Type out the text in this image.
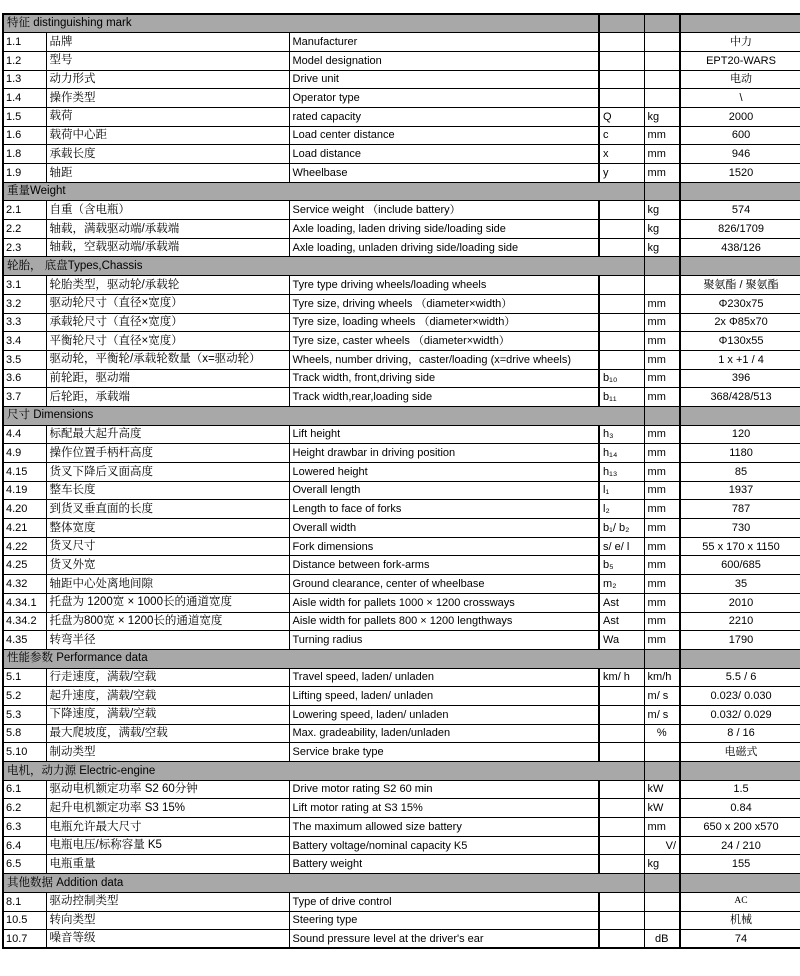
特征 distinguishing mark					
1.1	品牌	Manufacturer			中力
1.2	型号	Model designation			EPT20-WARS
1.3	动力形式	Drive unit			电动
1.4	操作类型	Operator type			\
1.5	载荷	rated capacity	Q	kg	2000
1.6	载荷中心距	Load center distance	c	mm	600
1.8	承载长度	Load distance	x	mm	946
1.9	轴距	Wheelbase	y	mm	1520
重量Weight					
2.1	自重（含电瓶）	Service weight （include battery）		kg	574
2.2	轴载，满载驱动端/承载端	Axle loading, laden driving side/loading side		kg	826/1709
2.3	轴载，空载驱动端/承载端	Axle loading, unladen driving side/loading side		kg	438/126
轮胎， 底盘Types,Chassis					
3.1	轮胎类型，驱动轮/承载轮	Tyre type driving wheels/loading wheels			聚氨酯 / 聚氨酯
3.2	驱动轮尺寸（直径×宽度）	Tyre size, driving wheels （diameter×width）		mm	Φ230x75
3.3	承载轮尺寸（直径×宽度）	Tyre size, loading wheels （diameter×width）		mm	2x Φ85x70
3.4	平衡轮尺寸（直径×宽度）	Tyre size, caster wheels （diameter×width）		mm	Φ130x55
3.5	驱动轮，平衡轮/承载轮数量（x=驱动轮）	Wheels, number driving，caster/loading (x=drive wheels)		mm	1 x +1 / 4
3.6	前轮距，驱动端	Track width, front,driving side	b₁₀	mm	396
3.7	后轮距，承载端	Track width,rear,loading side	b₁₁	mm	368/428/513
尺寸 Dimensions					
4.4	标配最大起升高度	Lift height	h₃	mm	120
4.9	操作位置手柄杆高度	Height drawbar in driving position	h₁₄	mm	1180
4.15	货叉下降后叉面高度	Lowered height	h₁₃	mm	85
4.19	整车长度	Overall length	l₁	mm	1937
4.20	到货叉垂直面的长度	Length to face of forks	l₂	mm	787
4.21	整体宽度	Overall width	b₁/ b₂	mm	730
4.22	货叉尺寸	Fork dimensions	s/ e/ l	mm	55 x 170 x 1150
4.25	货叉外宽	Distance between fork-arms	b₅	mm	600/685
4.32	轴距中心处离地间隙	Ground clearance, center of wheelbase	m₂	mm	35
4.34.1	托盘为 1200宽 × 1000长的通道宽度	Aisle width for pallets 1000 × 1200 crossways	Ast	mm	2010
4.34.2	托盘为800宽 × 1200长的通道宽度	Aisle width for pallets 800 × 1200 lengthways	Ast	mm	2210
4.35	转弯半径	Turning radius	Wa	mm	1790
性能参数 Performance data					
5.1	行走速度，满载/空载	Travel speed, laden/ unladen	km/ h	km/h	5.5 / 6
5.2	起升速度，满载/空载	Lifting speed, laden/ unladen		m/ s	0.023/ 0.030
5.3	下降速度，满载/空载	Lowering speed, laden/ unladen		m/ s	0.032/ 0.029
5.8	最大爬坡度，满载/空载	Max. gradeability, laden/unladen		%	8 / 16
5.10	制动类型	Service brake type			电磁式
电机，动力源 Electric-engine					
6.1	驱动电机额定功率 S2 60分钟	Drive motor rating S2 60 min		kW	1.5
6.2	起升电机额定功率 S3 15%	Lift motor rating at S3 15%		kW	0.84
6.3	电瓶允许最大尺寸	The maximum allowed size battery		mm	650 x 200 x570
6.4	电瓶电压/标称容量 K5	Battery voltage/nominal capacity K5		V/	24 / 210
6.5	电瓶重量	Battery weight		kg	155
其他数据 Addition data					
8.1	驱动控制类型	Type of drive control			AC
10.5	转向类型	Steering type			机械
10.7	噪音等级	Sound pressure level at the driver's ear		dB	74
